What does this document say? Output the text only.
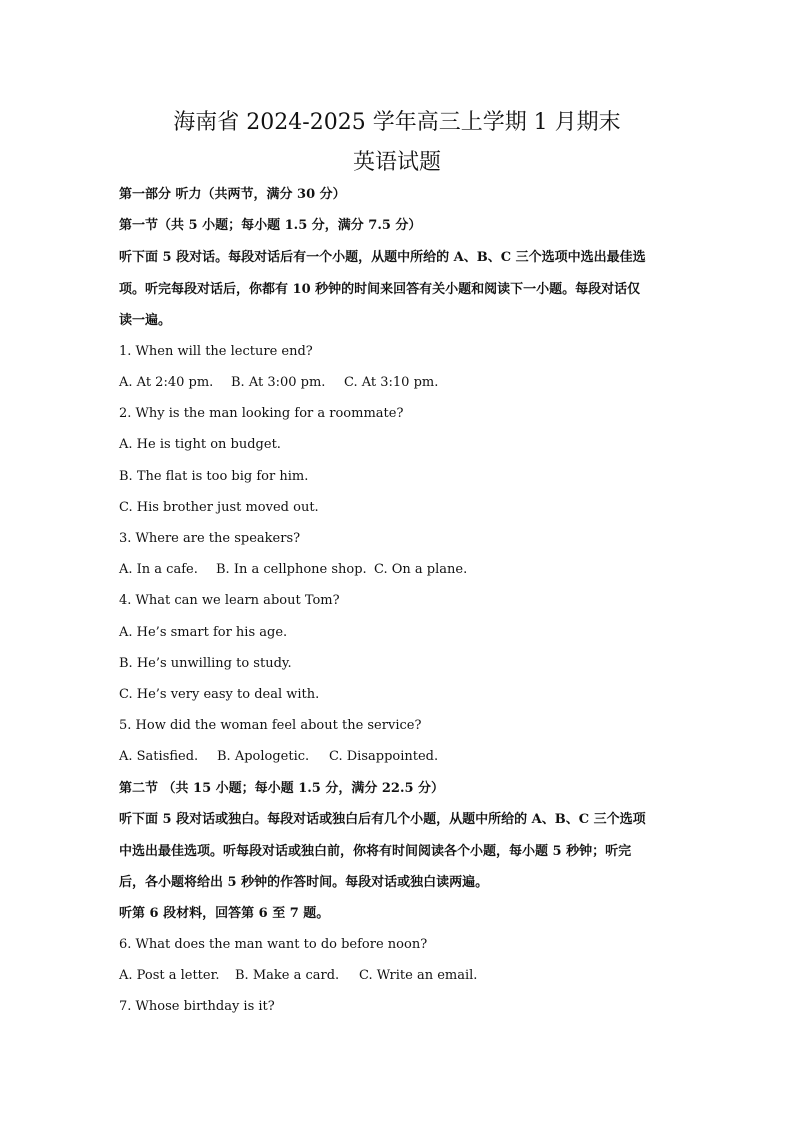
海南省 2024-2025 学年高三上学期 1 月期末
英语试题
第一部分 听力（共两节，满分 30 分）
第一节（共 5 小题；每小题 1.5 分，满分 7.5 分）
听下面 5 段对话。每段对话后有一个小题，从题中所给的 A、B、C 三个选项中选出最佳选
项。听完每段对话后，你都有 10 秒钟的时间来回答有关小题和阅读下一小题。每段对话仅
读一遍。
1. When will the lecture end?
A. At 2:40 pm. B. At 3:00 pm. C. At 3:10 pm.
2. Why is the man looking for a roommate?
A. He is tight on budget.
B. The flat is too big for him.
C. His brother just moved out.
3. Where are the speakers?
A. In a cafe. B. In a cellphone shop. C. On a plane.
4. What can we learn about Tom?
A. He’s smart for his age.
B. He’s unwilling to study.
C. He’s very easy to deal with.
5. How did the woman feel about the service?
A. Satisfied. B. Apologetic. C. Disappointed.
第二节 （共 15 小题；每小题 1.5 分，满分 22.5 分）
听下面 5 段对话或独白。每段对话或独白后有几个小题，从题中所给的 A、B、C 三个选项
中选出最佳选项。听每段对话或独白前，你将有时间阅读各个小题，每小题 5 秒钟；听完
后，各小题将给出 5 秒钟的作答时间。每段对话或独白读两遍。
听第 6 段材料，回答第 6 至 7 题。
6. What does the man want to do before noon?
A. Post a letter. B. Make a card. C. Write an email.
7. Whose birthday is it?
